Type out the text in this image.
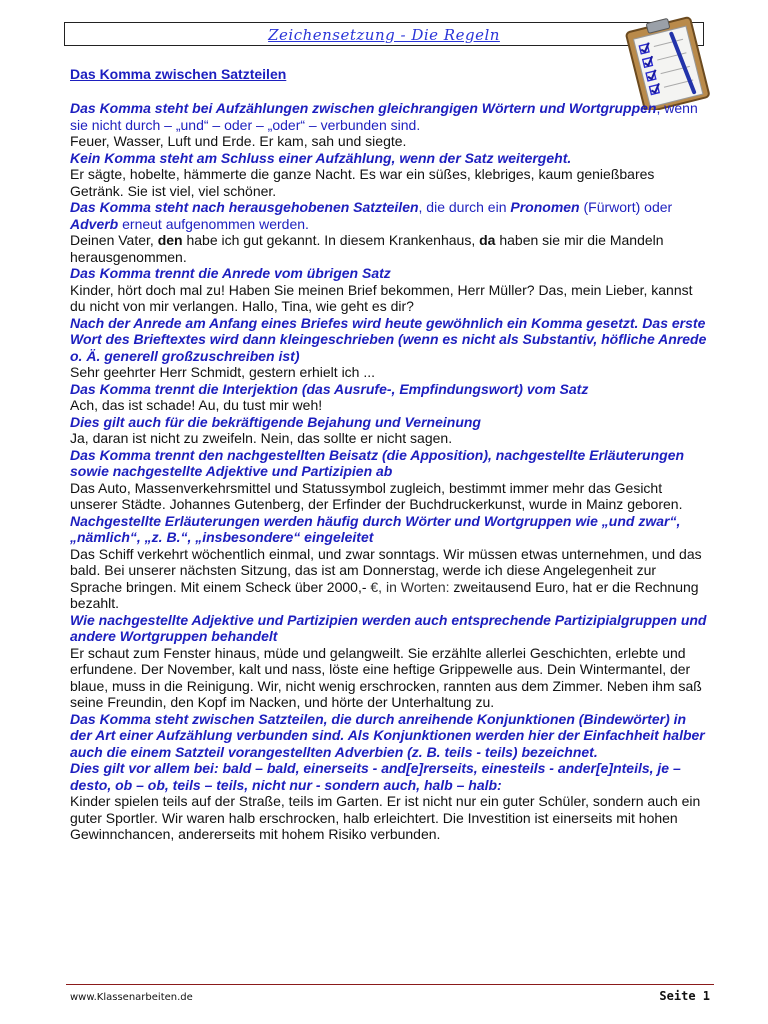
Zeichensetzung - Die Regeln
Das Komma zwischen Satzteilen

Das Komma steht bei Aufzählungen zwischen gleichrangigen Wörtern und Wortgruppen, wenn sie nicht durch – „und“ – oder – „oder“ – verbunden sind.

Feuer, Wasser, Luft und Erde. Er kam, sah und siegte.

Kein Komma steht am Schluss einer Aufzählung, wenn der Satz weitergeht.

Er sägte, hobelte, hämmerte die ganze Nacht. Es war ein süßes, klebriges, kaum genießbares Getränk. Sie ist viel, viel schöner.

Das Komma steht nach herausgehobenen Satzteilen, die durch ein Pronomen (Fürwort) oder Adverb erneut aufgenommen werden.

Deinen Vater, den habe ich gut gekannt. In diesem Krankenhaus, da haben sie mir die Mandeln herausgenommen.

Das Komma trennt die Anrede vom übrigen Satz

Kinder, hört doch mal zu! Haben Sie meinen Brief bekommen, Herr Müller? Das, mein Lieber, kannst du nicht von mir verlangen. Hallo, Tina, wie geht es dir?

Nach der Anrede am Anfang eines Briefes wird heute gewöhnlich ein Komma gesetzt. Das erste Wort des Brieftextes wird dann kleingeschrieben (wenn es nicht als Substantiv, höfliche Anrede o. Ä. generell großzuschreiben ist)

Sehr geehrter Herr Schmidt, gestern erhielt ich ...

Das Komma trennt die Interjektion (das Ausrufe-, Empfindungswort) vom Satz

Ach, das ist schade! Au, du tust mir weh!

Dies gilt auch für die bekräftigende Bejahung und Verneinung

Ja, daran ist nicht zu zweifeln. Nein, das sollte er nicht sagen.

Das Komma trennt den nachgestellten Beisatz (die Apposition), nachgestellte Erläuterungen sowie nachgestellte Adjektive und Partizipien ab

Das Auto, Massenverkehrsmittel und Statussymbol zugleich, bestimmt immer mehr das Gesicht unserer Städte. Johannes Gutenberg, der Erfinder der Buchdruckerkunst, wurde in Mainz geboren.

Nachgestellte Erläuterungen werden häufig durch Wörter und Wortgruppen wie „und zwar“, „nämlich“, „z. B.“, „insbesondere“ eingeleitet

Das Schiff verkehrt wöchentlich einmal, und zwar sonntags. Wir müssen etwas unternehmen, und das bald. Bei unserer nächsten Sitzung, das ist am Donnerstag, werde ich diese Angelegenheit zur Sprache bringen. Mit einem Scheck über 2000,- €, in Worten: zweitausend Euro, hat er die Rechnung bezahlt.

Wie nachgestellte Adjektive und Partizipien werden auch entsprechende Partizipialgruppen und andere Wortgruppen behandelt

Er schaut zum Fenster hinaus, müde und gelangweilt. Sie erzählte allerlei Geschichten, erlebte und erfundene. Der November, kalt und nass, löste eine heftige Grippewelle aus. Dein Wintermantel, der blaue, muss in die Reinigung. Wir, nicht wenig erschrocken, rannten aus dem Zimmer. Neben ihm saß seine Freundin, den Kopf im Nacken, und hörte der Unterhaltung zu.

Das Komma steht zwischen Satzteilen, die durch anreihende Konjunktionen (Bindewörter) in der Art einer Aufzählung verbunden sind. Als Konjunktionen werden hier der Einfachheit halber auch die einem Satzteil vorangestellten Adverbien (z. B. teils - teils) bezeichnet.

Dies gilt vor allem bei: bald – bald, einerseits - and[e]rerseits, einesteils - ander[e]nteils, je – desto, ob – ob, teils – teils, nicht nur - sondern auch, halb – halb:

Kinder spielen teils auf der Straße, teils im Garten. Er ist nicht nur ein guter Schüler, sondern auch ein guter Sportler. Wir waren halb erschrocken, halb erleichtert. Die Investition ist einerseits mit hohen Gewinnchancen, andererseits mit hohem Risiko verbunden.

www.Klassenarbeiten.de	Seite 1
